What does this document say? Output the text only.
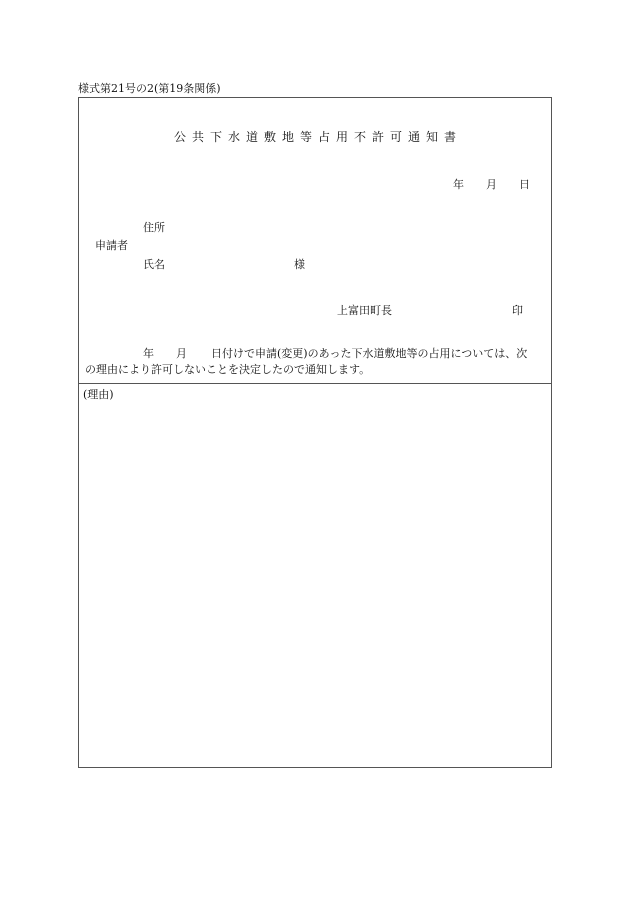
様式第21号の2(第19条関係)
公共下水道敷地等占用不許可通知書
年 月 日
住所
申請者
氏名	様
上富田町長	印
年 月 日付けで申請(変更)のあった下水道敷地等の占用については、次
の理由により許可しないことを決定したので通知します。
(理由)
